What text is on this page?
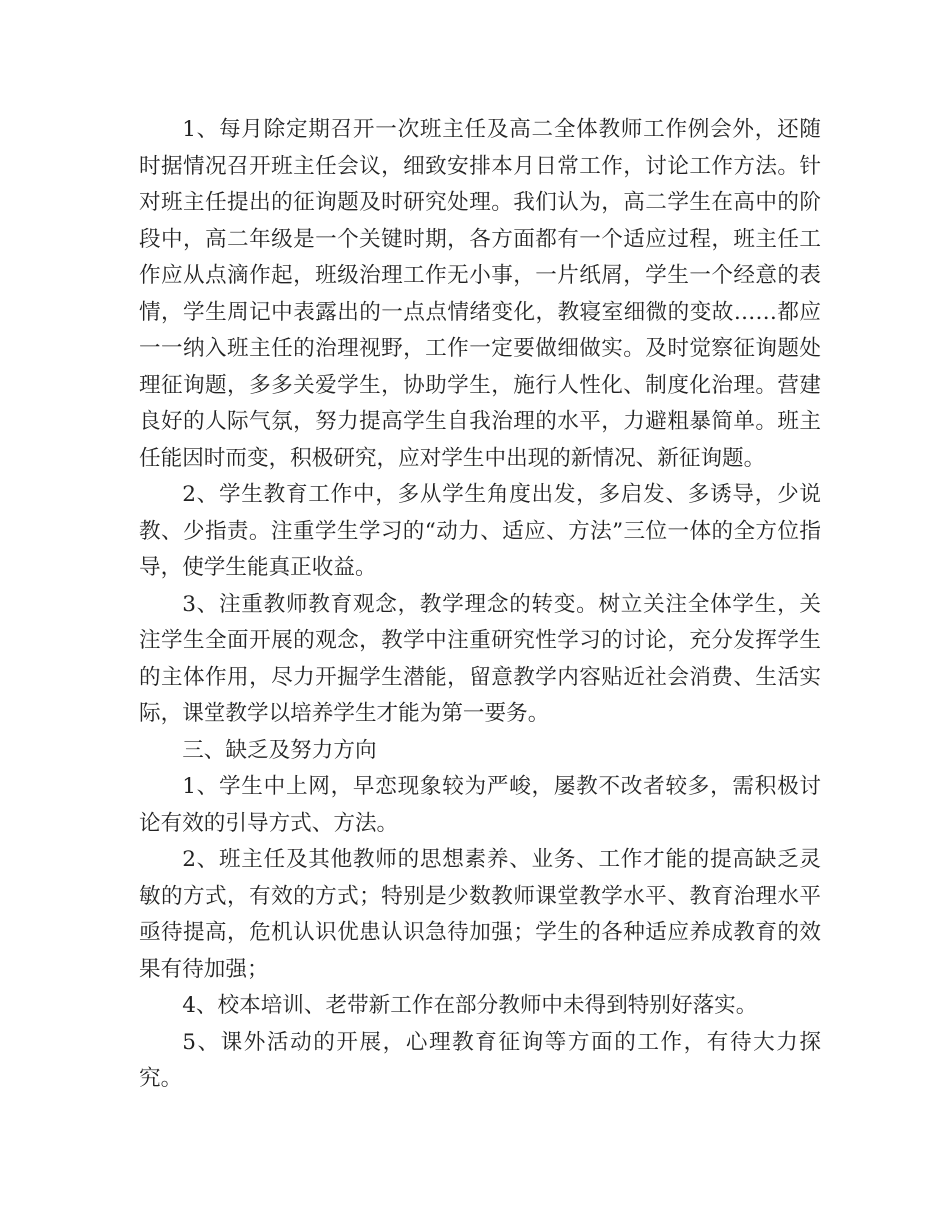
1、每月除定期召开一次班主任及高二全体教师工作例会外，还随时据情况召开班主任会议，细致安排本月日常工作，讨论工作方法。针对班主任提出的征询题及时研究处理。我们认为，高二学生在高中的阶段中，高二年级是一个关键时期，各方面都有一个适应过程，班主任工作应从点滴作起，班级治理工作无小事，一片纸屑，学生一个经意的表情，学生周记中表露出的一点点情绪变化，教寝室细微的变故……都应一一纳入班主任的治理视野，工作一定要做细做实。及时觉察征询题处理征询题，多多关爱学生，协助学生，施行人性化、制度化治理。营建良好的人际气氛，努力提高学生自我治理的水平，力避粗暴简单。班主任能因时而变，积极研究，应对学生中出现的新情况、新征询题。

2、学生教育工作中，多从学生角度出发，多启发、多诱导，少说教、少指责。注重学生学习的“动力、适应、方法”三位一体的全方位指导，使学生能真正收益。

3、注重教师教育观念，教学理念的转变。树立关注全体学生，关注学生全面开展的观念，教学中注重研究性学习的讨论，充分发挥学生的主体作用，尽力开掘学生潜能，留意教学内容贴近社会消费、生活实际，课堂教学以培养学生才能为第一要务。

三、缺乏及努力方向

1、学生中上网，早恋现象较为严峻，屡教不改者较多，需积极讨论有效的引导方式、方法。

2、班主任及其他教师的思想素养、业务、工作才能的提高缺乏灵敏的方式，有效的方式；特别是少数教师课堂教学水平、教育治理水平亟待提高，危机认识优患认识急待加强；学生的各种适应养成教育的效果有待加强；

4、校本培训、老带新工作在部分教师中未得到特别好落实。

5、课外活动的开展，心理教育征询等方面的工作，有待大力探究。
